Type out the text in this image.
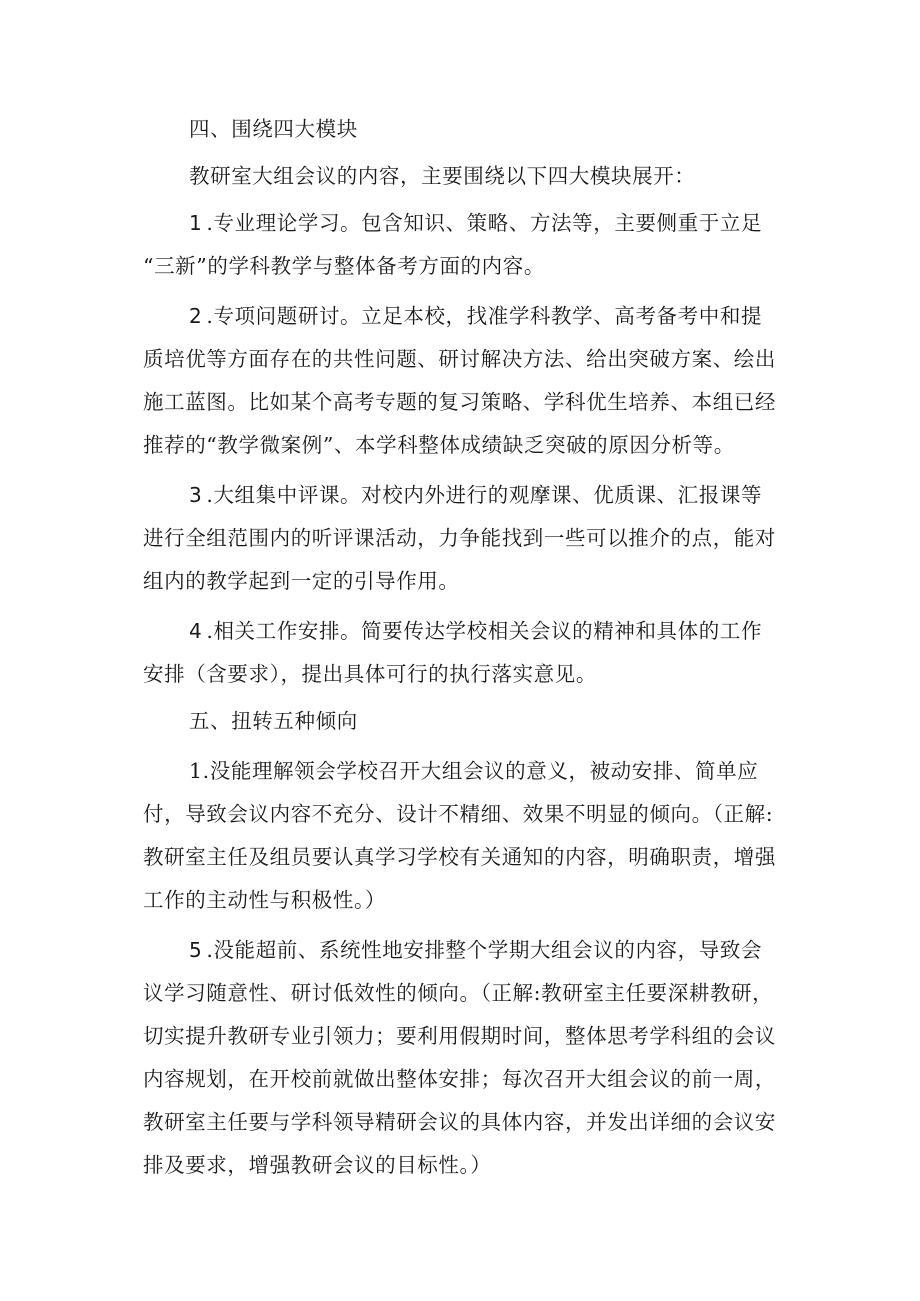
四、围绕四大模块
教研室大组会议的内容，主要围绕以下四大模块展开：
1 .专业理论学习。包含知识、策略、方法等，主要侧重于立足
“三新”的学科教学与整体备考方面的内容。
2 .专项问题研讨。立足本校，找准学科教学、高考备考中和提
质培优等方面存在的共性问题、研讨解决方法、给出突破方案、绘出
施工蓝图。比如某个高考专题的复习策略、学科优生培养、本组已经
推荐的“教学微案例”、本学科整体成绩缺乏突破的原因分析等。
3 .大组集中评课。对校内外进行的观摩课、优质课、汇报课等
进行全组范围内的听评课活动，力争能找到一些可以推介的点，能对
组内的教学起到一定的引导作用。
4 .相关工作安排。简要传达学校相关会议的精神和具体的工作
安排（含要求），提出具体可行的执行落实意见。
五、扭转五种倾向
1.没能理解领会学校召开大组会议的意义，被动安排、简单应
付，导致会议内容不充分、设计不精细、效果不明显的倾向。（正解:
教研室主任及组员要认真学习学校有关通知的内容，明确职责，增强
工作的主动性与积极性。）
5 .没能超前、系统性地安排整个学期大组会议的内容，导致会
议学习随意性、研讨低效性的倾向。（正解:教研室主任要深耕教研，
切实提升教研专业引领力；要利用假期时间，整体思考学科组的会议
内容规划，在开校前就做出整体安排；每次召开大组会议的前一周，
教研室主任要与学科领导精研会议的具体内容，并发出详细的会议安
排及要求，增强教研会议的目标性。）
